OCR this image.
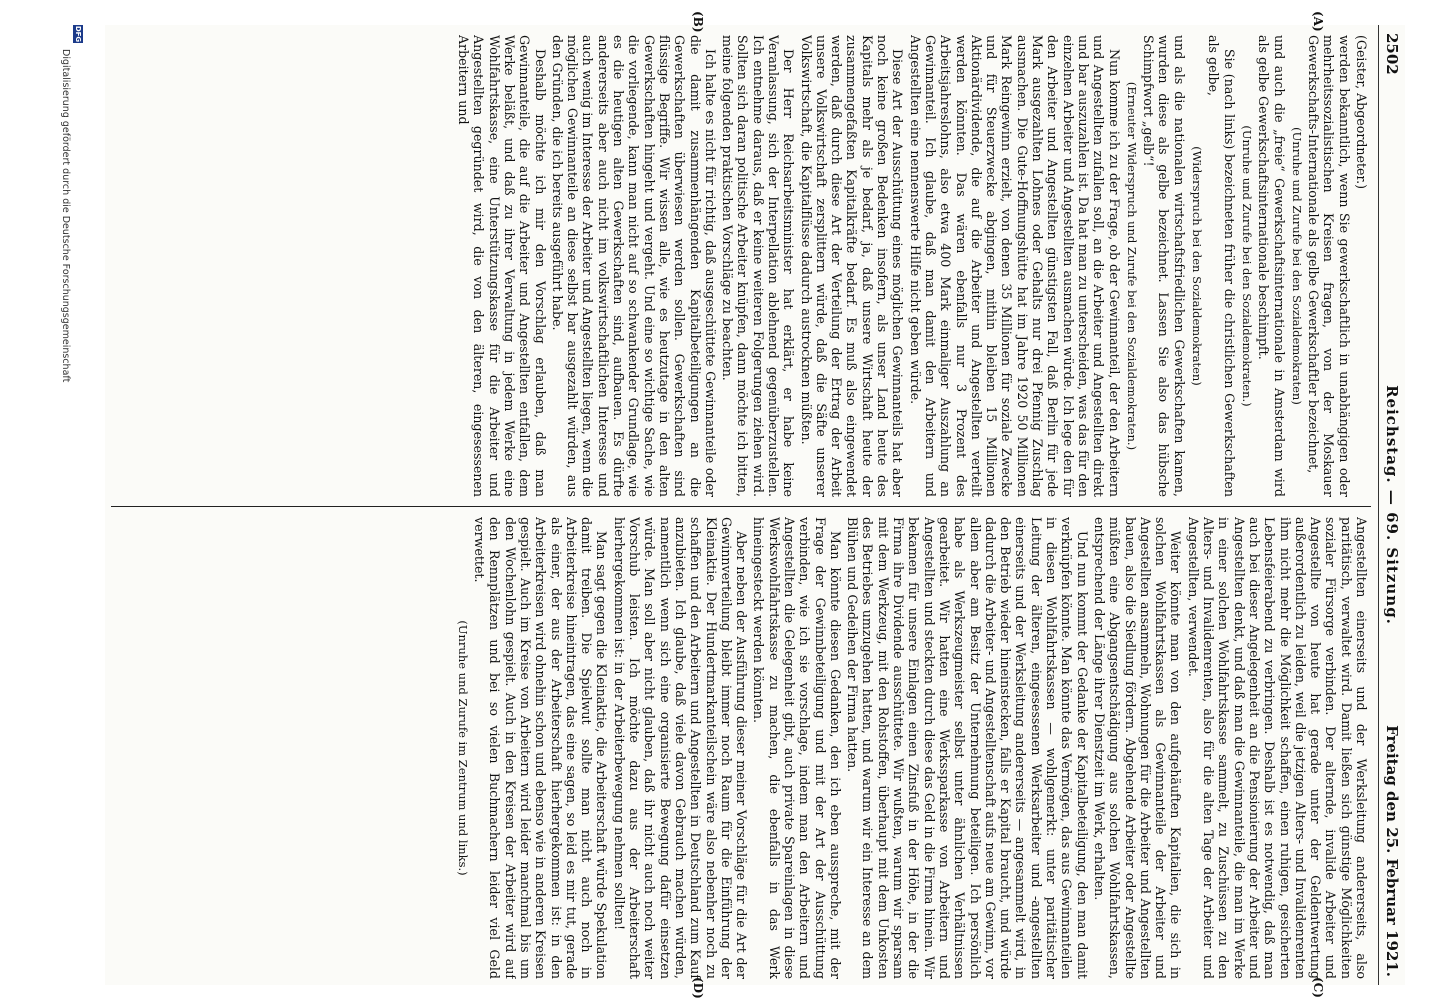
2502
Reichstag. — 69. Sitzung.
Freitag den 25. Februar 1921.
(A)
(B)
(C)
(D)

(Geister, Abgeordneter.)

werden bekanntlich, wenn Sie gewerkschaftlich in unabhängigen oder mehrheitssozialistischen Kreisen fragen, von der Moskauer Gewerkschafts-Internationale als gelbe Gewerkschaftler bezeichnet,

(Unruhe und Zurufe bei den Sozialdemokraten)

und auch die „freie“ Gewerkschaftsinternationale in Amsterdam wird als gelbe Gewerkschaftsinternationale beschimpft.

(Unruhe und Zurufe bei den Sozialdemokraten.)

Sie (nach links) bezeichneten früher die christlichen Gewerkschaften als gelbe,

(Widerspruch bei den Sozialdemokraten)

und als die nationalen wirtschaftsfriedlichen Gewerkschaften kamen, wurden diese als gelbe bezeichnet. Lassen Sie also das hübsche Schimpfwort „gelb“!

(Erneuter Widerspruch und Zurufe bei den Sozialdemokraten.)

Nun komme ich zu der Frage, ob der Gewinnanteil, der den Arbeitern und Angestellten zufallen soll, an die Arbeiter und Angestellten direkt und bar auszuzahlen ist. Da hat man zu unterscheiden, was das für den einzelnen Arbeiter und Angestellten ausmachen würde. Ich lege den für den Arbeiter und Angestellten günstigsten Fall, daß Berlin für jede Mark ausgezahlten Lohnes oder Gehalts nur drei Pfennig Zuschlag ausmachen. Die Gute-Hoffnungshütte hat im Jahre 1920 50 Millionen Mark Reingewinn erzielt, von denen 35 Millionen für soziale Zwecke und für Steuerzwecke abgingen, mithin bleiben 15 Millionen Aktionärdividende, die auf die Arbeiter und Angestellten verteilt werden könnten. Das wären ebenfalls nur 3 Prozent des Arbeitsjahreslohns, also etwa 400 Mark einmaliger Auszahlung an Gewinnanteil. Ich glaube, daß man damit den Arbeitern und Angestellten eine nennenswerte Hilfe nicht geben würde.

Diese Art der Ausschüttung eines möglichen Gewinnanteils hat aber noch keine großen Bedenken insofern, als unser Land heute des Kapitals mehr als je bedarf, ja, daß unsere Wirtschaft heute der zusammengefaßten Kapitalkräfte bedarf. Es muß also eingewendet werden, daß durch diese Art der Verteilung der Ertrag der Arbeit unsere Volkswirtschaft zersplittern würde, daß die Säfte unserer Volkswirtschaft, die Kapitalflüsse dadurch austrocknen müßten.

Der Herr Reichsarbeitsminister hat erklärt, er habe keine Veranlassung, sich der Interpellation ablehnend gegenüberzustellen. Ich entnehme daraus, daß er keine weiteren Folgerungen ziehen wird. Sollten sich daran politische Arbeiter knüpfen, dann möchte ich bitten, meine folgenden praktischen Vorschläge zu beachten.

Ich halte es nicht für richtig, daß ausgeschüttete Gewinnanteile oder die damit zusammenhängenden Kapitalbeteiligungen an die Gewerkschaften überwiesen werden sollen. Gewerkschaften sind flüssige Begriffe. Wir wissen alle, wie es heutzutage in den alten Gewerkschaften hingeht und vergeht. Und eine so wichtige Sache, wie die vorliegende, kann man nicht auf so schwankender Grundlage, wie es die heutigen alten Gewerkschaften sind, aufbauen. Es dürfte andererseits aber auch nicht im volkswirtschaftlichen Interesse und auch wenig im Interesse der Arbeiter und Angestellten liegen, wenn die möglichen Gewinnanteile an diese selbst bar ausgezahlt würden, aus den Gründen, die ich bereits ausgeführt habe.

Deshalb möchte ich mir den Vorschlag erlauben, daß man Gewinnanteile, die auf die Arbeiter und Angestellten entfallen, dem Werke beläßt, und daß zu ihrer Verwaltung in jedem Werke eine Wohlfahrtskasse, eine Unterstützungskasse für die Arbeiter und Angestellten gegründet wird, die von den älteren, eingesessenen Arbeitern und

Angestellten einerseits und der Werksleitung andererseits, also paritätisch, verwaltet wird. Damit ließen sich günstige Möglichkeiten sozialer Fürsorge verbinden. Der alternde, invalide Arbeiter und Angestellte von heute hat gerade unter der Geldentwertung außerordentlich zu leiden, weil die jetzigen Alters- und Invalidenrenten ihm nicht mehr die Möglichkeit schaffen, einen ruhigen, gesicherten Lebensfeierabend zu verbringen. Deshalb ist es notwendig, daß man auch bei dieser Angelegenheit an die Pensionierung der Arbeiter und Angestellten denkt, und daß man die Gewinnanteile, die man im Werke in einer solchen Wohlfahrtskasse sammelt, zu Zuschüssen zu den Alters- und Invalidenrenten, also für die alten Tage der Arbeiter und Angestellten, verwendet.

Weiter könnte man von den aufgehäuften Kapitalien, die sich in solchen Wohlfahrtskassen als Gewinnanteile der Arbeiter und Angestellten ansammeln, Wohnungen für die Arbeiter und Angestellten bauen, also die Siedlung fördern. Abgehende Arbeiter oder Angestellte müßten eine Abgangsentschädigung aus solchen Wohlfahrtskassen, entsprechend der Länge ihrer Dienstzeit im Werk, erhalten.

Und nun kommt der Gedanke der Kapitalbeteiligung, den man damit verknüpfen könnte. Man könnte das Vermögen, das aus Gewinnanteilen in diesen Wohlfahrtskassen — wohlgemerkt: unter paritätischer Leitung der älteren, eingesessenen Werksarbeiter und -angestellten einerseits und der Werksleitung andererseits — angesammelt wird, in den Betrieb wieder hineinstecken, falls er Kapital braucht, und würde dadurch die Arbeiter- und Angestelltenschaft aufs neue am Gewinn, vor allem aber am Besitz der Unternehmung beteiligen. Ich persönlich habe als Werkszeugmeister selbst unter ähnlichen Verhältnissen gearbeitet. Wir hatten eine Werkssparkasse von Arbeitern und Angestellten und steckten durch diese das Geld in die Firma hinein. Wir bekamen für unsere Einlagen einen Zinsfuß in der Höhe, in der die Firma ihre Dividende ausschüttete. Wir wußten, warum wir sparsam mit dem Werkzeug, mit den Rohstoffen, überhaupt mit dem Unkosten des Betriebes umzugehen hatten, und warum wir ein Interesse an dem Blühen und Gedeihen der Firma hatten.

Man könnte diesen Gedanken, den ich eben ausspreche, mit der Frage der Gewinnbeteiligung und mit der Art der Ausschüttung verbinden, wie ich sie vorschlage, indem man den Arbeitern und Angestellten die Gelegenheit gibt, auch private Spareinlagen in diese Werkswohlfahrtskasse zu machen, die ebenfalls in das Werk hineingesteckt werden könnten.

Aber neben der Ausführung dieser meiner Vorschläge für die Art der Gewinnverteilung bleibt immer noch Raum für die Einführung der Kleinaktie. Der Hundertmarkanteilschein wäre also nebenher noch zu schaffen und den Arbeitern und Angestellten in Deutschland zum Kauf anzubieten. Ich glaube, daß viele davon Gebrauch machen würden, namentlich wenn sich eine organisierte Bewegung dafür einsetzen würde. Man soll aber nicht glauben, daß ihr nicht auch noch weiter Vorschub leisten. Ich möchte dazu aus der Arbeiterschaft hierhergekommen ist: in der Arbeiterbewegung nehmen sollten!

Man sagt gegen die Kleinaktie, die Arbeiterschaft würde Spekulation damit treiben. Die Spielwut sollte man nicht auch noch in Arbeiterkreise hineintragen, das eine sagen, so leid es mir tut, gerade als einer, der aus der Arbeiterschaft hierhergekommen ist: in den Arbeiterkreisen wird ohnehin schon und ebenso wie in anderen Kreisen gespielt. Auch im Kreise von Arbeitern wird leider manchmal bis um den Wochenlohn gespielt. Auch in den Kreisen der Arbeiter wird auf den Rennplätzen und bei so vielen Buchmachern leider viel Geld verwettet.

(Unruhe und Zurufe im Zentrum und links.)

DFG
Digitalisierung gefördert durch die Deutsche Forschungsgemeinschaft
